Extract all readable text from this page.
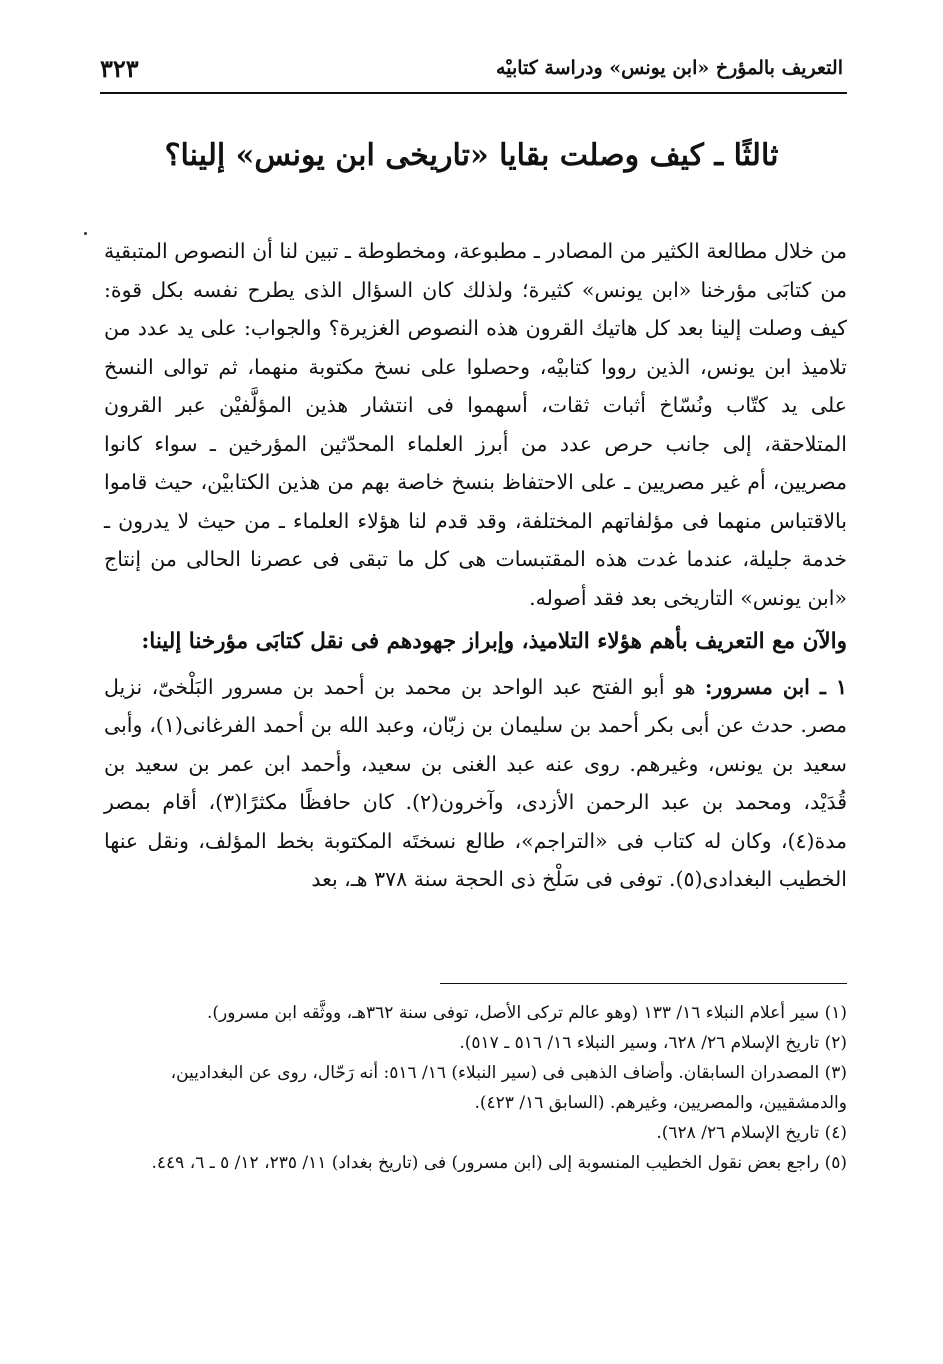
التعريف بالمؤرخ «ابن يونس» ودراسة كتابيْه
٣٢٣
ثالثًا ـ كيف وصلت بقايا «تاريخى ابن يونس» إلينا؟

من خلال مطالعة الكثير من المصادر ـ مطبوعة، ومخطوطة ـ تبين لنا أن النصوص المتبقية من كتابَى مؤرخنا «ابن يونس» كثيرة؛ ولذلك كان السؤال الذى يطرح نفسه بكل قوة: كيف وصلت إلينا بعد كل هاتيك القرون هذه النصوص الغزيرة؟ والجواب: على يد عدد من تلاميذ ابن يونس، الذين رووا كتابيْه، وحصلوا على نسخ مكتوبة منهما، ثم توالى النسخ على يد كتّاب ونُسّاخ أثبات ثقات، أسهموا فى انتشار هذين المؤلَّفيْن عبر القرون المتلاحقة، إلى جانب حرص عدد من أبرز العلماء المحدّثين المؤرخين ـ سواء كانوا مصريين، أم غير مصريين ـ على الاحتفاظ بنسخ خاصة بهم من هذين الكتابيْن، حيث قاموا بالاقتباس منهما فى مؤلفاتهم المختلفة، وقد قدم لنا هؤلاء العلماء ـ من حيث لا يدرون ـ خدمة جليلة، عندما غدت هذه المقتبسات هى كل ما تبقى فى عصرنا الحالى من إنتاج «ابن يونس» التاريخى بعد فقد أصوله.

والآن مع التعريف بأهم هؤلاء التلاميذ، وإبراز جهودهم فى نقل كتابَى مؤرخنا إلينا:

١ ـ ابن مسرور: هو أبو الفتح عبد الواحد بن محمد بن أحمد بن مسرور البَلْخىّ، نزيل مصر. حدث عن أبى بكر أحمد بن سليمان بن زبّان، وعبد الله بن أحمد الفرغانى(١)، وأبى سعيد بن يونس، وغيرهم. روى عنه عبد الغنى بن سعيد، وأحمد ابن عمر بن سعيد بن قُدَيْد، ومحمد بن عبد الرحمن الأزدى، وآخرون(٢). كان حافظًا مكثرًا(٣)، أقام بمصر مدة(٤)، وكان له كتاب فى «التراجم»، طالع نسختَه المكتوبة بخط المؤلف، ونقل عنها الخطيب البغدادى(٥). توفى فى سَلْخ ذى الحجة سنة ٣٧٨ هـ، بعد

(١) سير أعلام النبلاء ١٦/ ١٣٣ (وهو عالم تركى الأصل، توفى سنة ٣٦٢هـ، ووثَّقه ابن مسرور).

(٢) تاريخ الإسلام ٢٦/ ٦٢٨، وسير النبلاء ١٦/ ٥١٦ ـ ٥١٧).

(٣) المصدران السابقان. وأضاف الذهبى فى (سير النبلاء) ١٦/ ٥١٦: أنه رَحّال، روى عن البغداديين، والدمشقيين، والمصريين، وغيرهم. (السابق ١٦/ ٤٢٣).

(٤) تاريخ الإسلام ٢٦/ ٦٢٨).

(٥) راجع بعض نقول الخطيب المنسوبة إلى (ابن مسرور) فى (تاريخ بغداد) ١١/ ٢٣٥، ١٢/ ٥ ـ ٦، ٤٤٩.
